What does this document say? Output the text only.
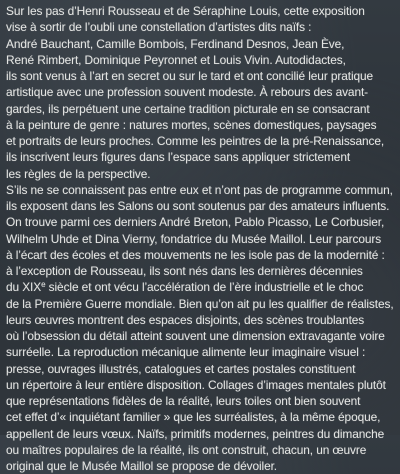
Sur les pas d’Henri Rousseau et de Séraphine Louis, cette exposition
vise à sortir de l’oubli une constellation d’artistes dits naïfs :
André Bauchant, Camille Bombois, Ferdinand Desnos, Jean Ève,
René Rimbert, Dominique Peyronnet et Louis Vivin. Autodidactes,
ils sont venus à l’art en secret ou sur le tard et ont concilié leur pratique
artistique avec une profession souvent modeste. À rebours des avant-
gardes, ils perpétuent une certaine tradition picturale en se consacrant
à la peinture de genre : natures mortes, scènes domestiques, paysages
et portraits de leurs proches. Comme les peintres de la pré-Renaissance,
ils inscrivent leurs figures dans l’espace sans appliquer strictement
les règles de la perspective.
S’ils ne se connaissent pas entre eux et n’ont pas de programme commun,
ils exposent dans les Salons ou sont soutenus par des amateurs influents.
On trouve parmi ces derniers André Breton, Pablo Picasso, Le Corbusier,
Wilhelm Uhde et Dina Vierny, fondatrice du Musée Maillol. Leur parcours
à l’écart des écoles et des mouvements ne les isole pas de la modernité :
à l’exception de Rousseau, ils sont nés dans les dernières décennies
du XIXe siècle et ont vécu l’accélération de l’ère industrielle et le choc
de la Première Guerre mondiale. Bien qu’on ait pu les qualifier de réalistes,
leurs œuvres montrent des espaces disjoints, des scènes troublantes
où l’obsession du détail atteint souvent une dimension extravagante voire
surréelle. La reproduction mécanique alimente leur imaginaire visuel :
presse, ouvrages illustrés, catalogues et cartes postales constituent
un répertoire à leur entière disposition. Collages d’images mentales plutôt
que représentations fidèles de la réalité, leurs toiles ont bien souvent
cet effet d’« inquiétant familier » que les surréalistes, à la même époque,
appellent de leurs vœux. Naïfs, primitifs modernes, peintres du dimanche
ou maîtres populaires de la réalité, ils ont construit, chacun, un œuvre
original que le Musée Maillol se propose de dévoiler.
